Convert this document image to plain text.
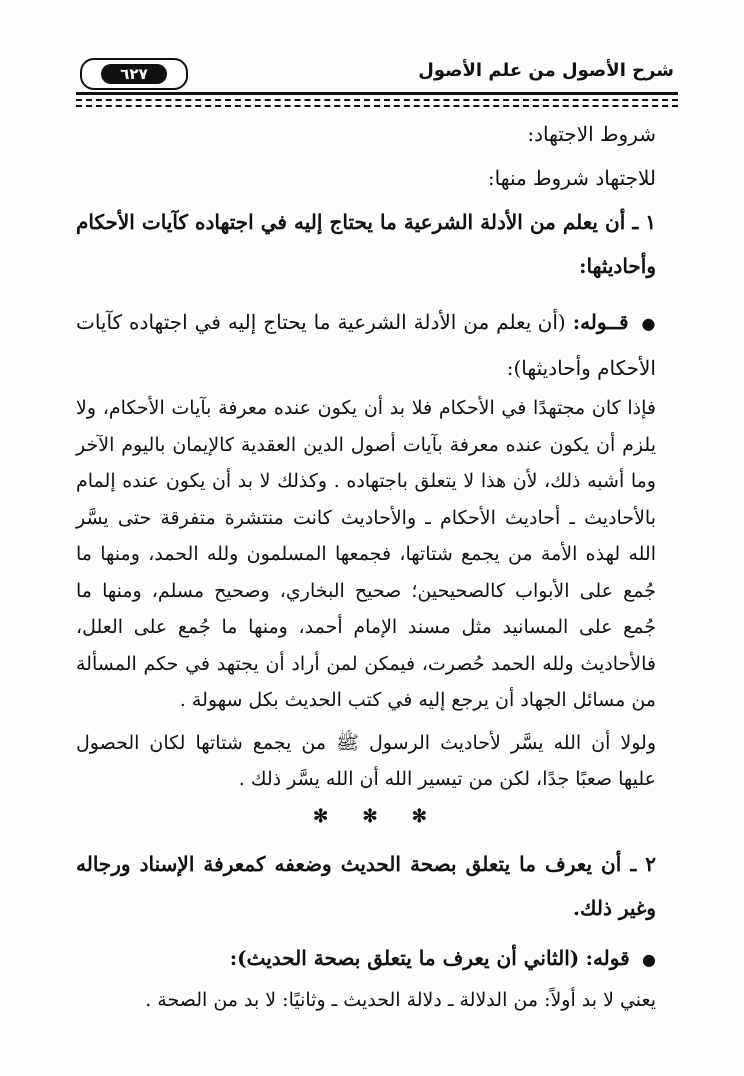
شرح الأصول من علم الأصول
٦٢٧

شروط الاجتهاد:

للاجتهاد شروط منها:

١ ـ أن يعلم من الأدلة الشرعية ما يحتاج إليه في اجتهاده كآيات الأحكام وأحاديثها:

● قــوله: (أن يعلم من الأدلة الشرعية ما يحتاج إليه في اجتهاده كآيات الأحكام وأحاديثها):

فإذا كان مجتهدًا في الأحكام فلا بد أن يكون عنده معرفة بآيات الأحكام، ولا يلزم أن يكون عنده معرفة بآيات أصول الدين العقدية كالإيمان باليوم الآخر وما أشبه ذلك، لأن هذا لا يتعلق باجتهاده . وكذلك لا بد أن يكون عنده إلمام بالأحاديث ـ أحاديث الأحكام ـ والأحاديث كانت منتشرة متفرقة حتى يسَّر الله لهذه الأمة من يجمع شتاتها، فجمعها المسلمون ولله الحمد، ومنها ما جُمع على الأبواب كالصحيحين؛ صحيح البخاري، وصحيح مسلم، ومنها ما جُمع على المسانيد مثل مسند الإمام أحمد، ومنها ما جُمع على العلل، فالأحاديث ولله الحمد حُصرت، فيمكن لمن أراد أن يجتهد في حكم المسألة من مسائل الجهاد أن يرجع إليه في كتب الحديث بكل سهولة .

ولولا أن الله يسَّر لأحاديث الرسول ﷺ من يجمع شتاتها لكان الحصول عليها صعبًا جدًا، لكن من تيسير الله أن الله يسَّر ذلك .

✻ ✻ ✻

٢ ـ أن يعرف ما يتعلق بصحة الحديث وضعفه كمعرفة الإسناد ورجاله وغير ذلك.

● قوله: (الثاني أن يعرف ما يتعلق بصحة الحديث):

يعني لا بد أولاً: من الدلالة ـ دلالة الحديث ـ وثانيًا: لا بد من الصحة .
